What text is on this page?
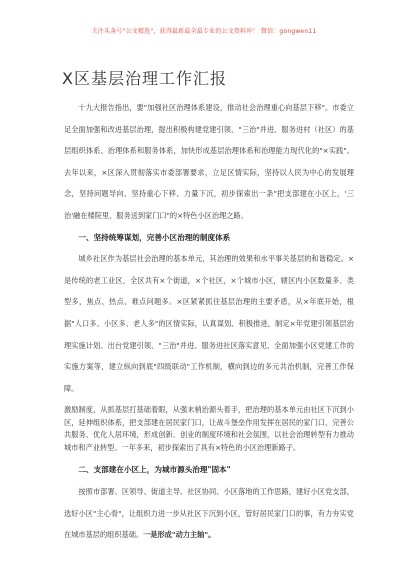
关注头条号"公文精选"，获得最新最全最专业的公文资料库！ 微信：gongwen11
X区基层治理工作汇报

十九大报告指出，要"加强社区治理体系建设，推动社会治理重心向基层下移"。市委立足全面加强和改进基层治理，提出积极构建党建引领、"三治"并进、服务进村（社区）的基层组织体系、治理体系和服务体系，加快形成基层治理体系和治理能力现代化的"×实践"。去年以来，×区深入贯彻落实市委部署要求，立足区情实际，坚持以人民为中心的发展理念，坚持问题导向、坚持重心下移、力量下沉，初步探索出一条"把支部建在小区上，'三治'融在楼院里、服务送到家门口"的×特色小区治理之路。

一、坚持统筹谋划，完善小区治理的制度体系

城乡社区作为基层社会治理的基本单元，其治理的效果和水平事关基层的和谐稳定。×是传统的老工业区，全区共有×个街道，×个社区，×个城市小区，辖区内小区数量多、类型多，焦点、热点、难点问题多。×区紧紧抓住基层治理的主要矛盾，从×年底开始，根据"人口多、小区多、老人多"的区情实际，认真谋划、积极推进，制定×年党建引领基层治理实施计划、出台党建引领、"三治"并进、服务进社区落实意见、全面加强小区党建工作的实施方案等，建立纵向到底"四级联动"工作机制，横向到边的多元共治机制，完善工作保障。

激励制度，从抓基层打基础着眼，从强末梢治源头着手，把治理的基本单元由社区下沉到小区，延伸组织体系，把支部建在居民家门口，让战斗堡垒作用发挥在居民的家门口，完善公共服务、优化人居环境，形成创新、创业的制度环境和社会氛围，以社会治理转型有力推动城市和产业转型。一年多来，初步探索出了具有×特色的小区治理新路子。

二、支部建在小区上，为城市源头治理"固本"

按照市部署、区领导、街道主导、社区协同、小区落地的工作思路，建好小区党支部，选好小区"主心骨"，让组织力进一步从社区下沉到小区，管好居民家门口的事，有力夯实党在城市基层的组织基础。一是形成"动力主轴"。
